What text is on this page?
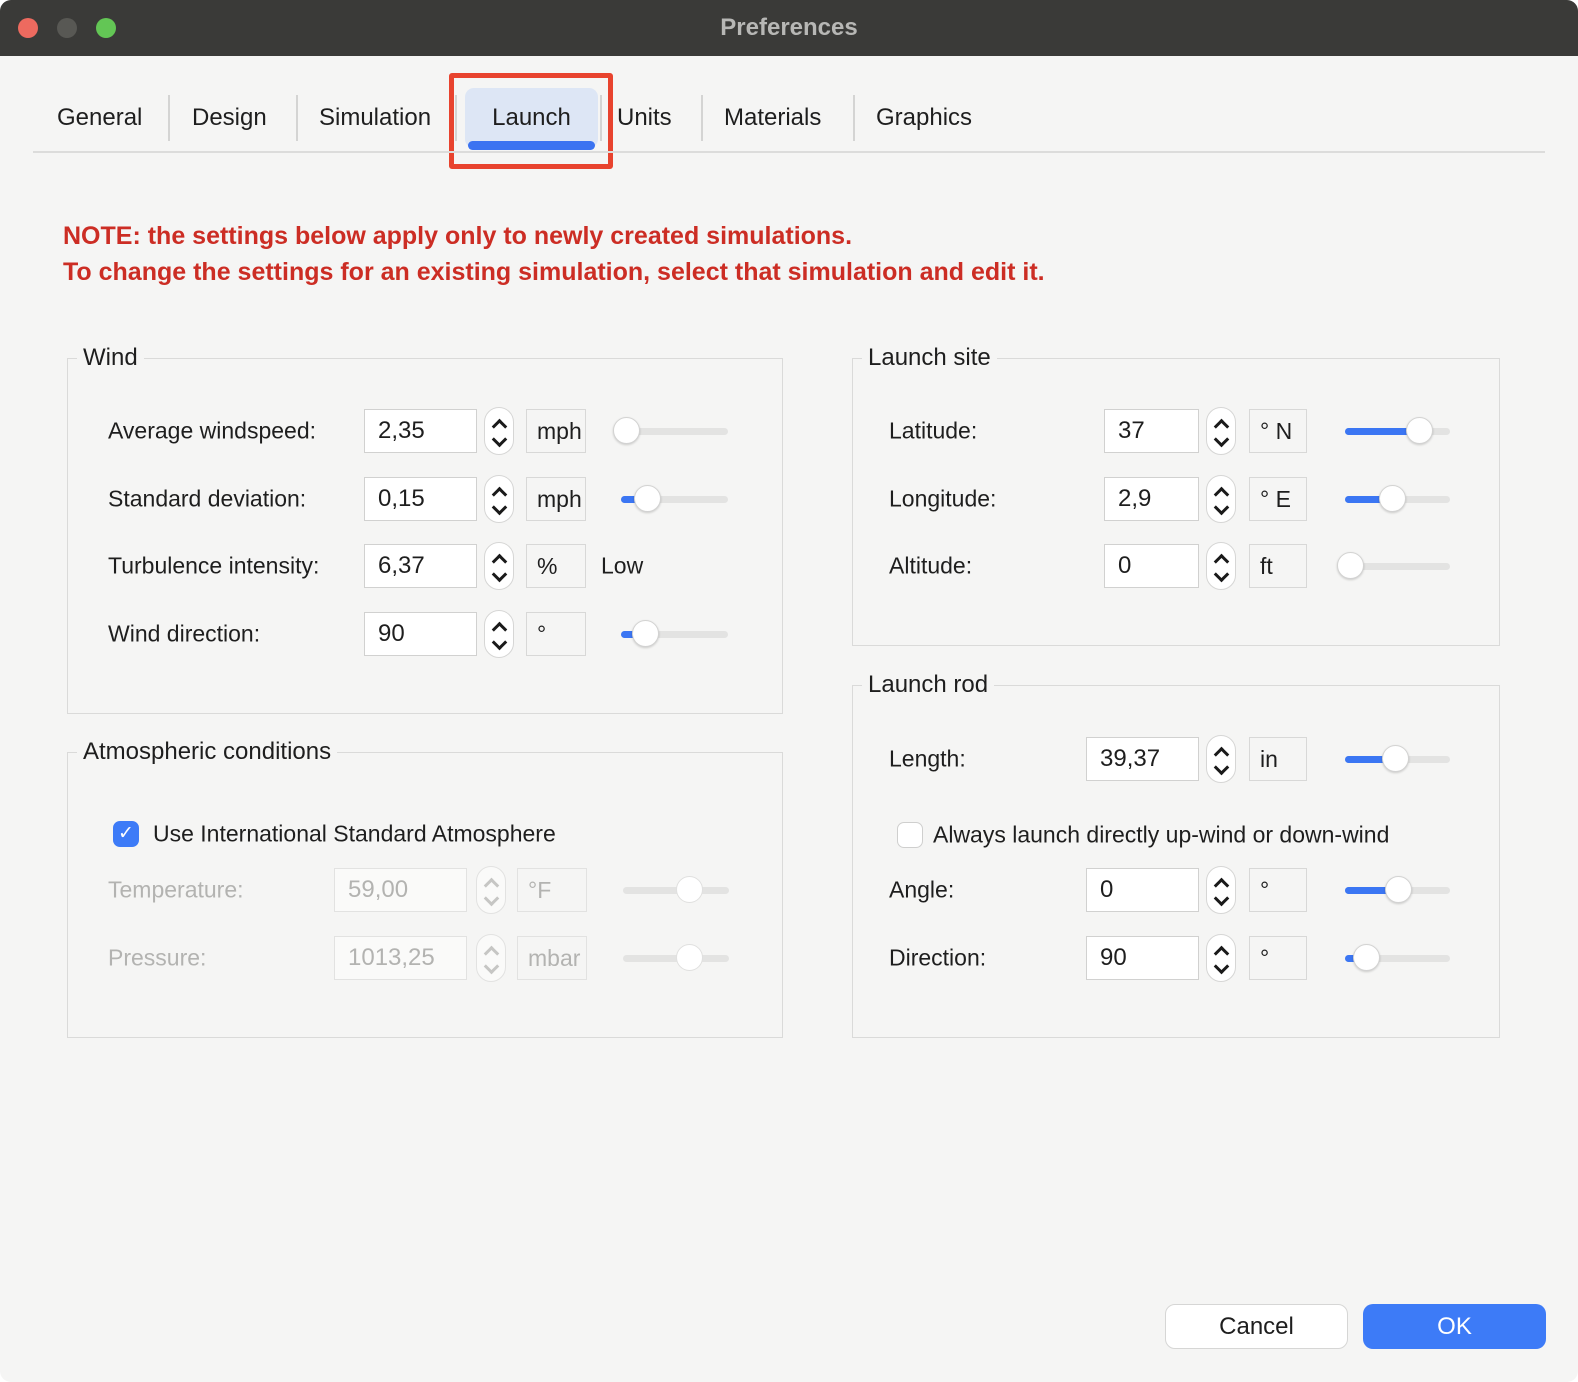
Preferences
General Design Simulation	Launch	Units Materials Graphics
NOTE: the settings below apply only to newly created simulations.
To change the settings for an existing simulation, select that simulation and edit it.
Wind
Average windspeed:
2,35	mph
Standard deviation:
0,15	mph
Turbulence intensity:
6,37	%	Low
Wind direction:
90	°
Atmospheric conditions
✓ Use International Standard Atmosphere
Temperature:
59,00	°F
Pressure:
1013,25	mbar
Launch site
Latitude:
37	° N
Longitude:
2,9	° E
Altitude:
0	ft
Launch rod
Length:
39,37	in
Always launch directly up-wind or down-wind
Angle:
0	°
Direction:
90	°
Cancel	OK
